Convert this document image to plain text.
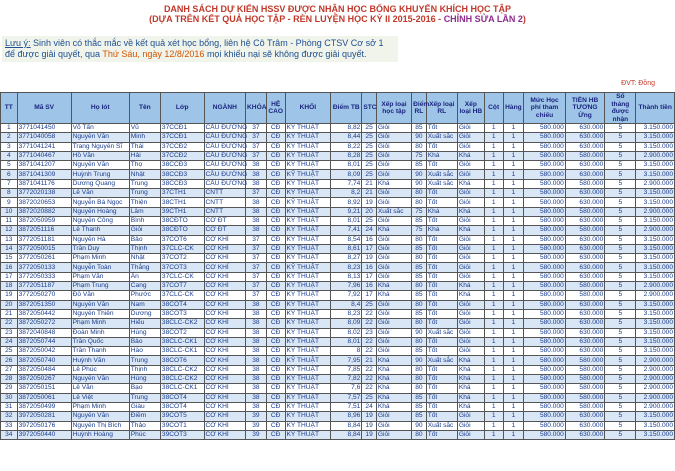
DANH SÁCH DỰ KIẾN HSSV ĐƯỢC NHẬN HỌC BỔNG KHUYẾN KHÍCH HỌC TẬP
(DỰA TRÊN KẾT QUẢ HỌC TẬP - RÈN LUYỆN HỌC KỲ II 2015-2016 - CHỈNH SỬA LẦN 2)
Lưu ý: Sinh viên có thắc mắc về kết quả xét học bổng, liên hệ Cô Trâm - Phòng CTSV Cơ sở 1 để được giải quyết, qua Thứ Sáu, ngày 12/8/2016 mọi khiếu nại sẽ không được giải quyết.
ĐVT: Đồng
TT	Mã SV	Họ lót	Tên	Lớp	NGÀNH	KHÓA	HỆ CAO	KHỐI	Điểm TB	STC	Xếp loại học tập	Điểm RL	Xếp loại RL	Xếp loại HB	Cột	Hàng	Mức Học phí tham chiếu	TIỀN HB TƯƠNG Ứng	Số tháng được nhận	Thành tiền
1	3771041450	Võ Tấn	Vũ	37CCĐ1	CẦU ĐƯỜNG	37	CĐ	KỸ THUẬT	8,82	25	Giỏi	85	Tốt	Giỏi	1	1	580.000	630.000	5	3.150.000
2	3771040058	Nguyễn Văn	Minh	37CCĐ1	CẦU ĐƯỜNG	37	CĐ	KỸ THUẬT	8,44	25	Giỏi	90	Xuất sắc	Giỏi	1	1	580.000	630.000	5	3.150.000
3	3771041241	Trang Nguyễn Sĩ	Thái	37CCĐ2	CẦU ĐƯỜNG	37	CĐ	KỸ THUẬT	8,22	25	Giỏi	80	Tốt	Giỏi	1	1	580.000	630.000	5	3.150.000
4	3771040467	Hồ Văn	Hải	37CCĐ2	CẦU ĐƯỜNG	37	CĐ	KỸ THUẬT	8,28	25	Giỏi	75	Khá	Khá	1	1	580.000	580.000	5	2.900.000
5	3871041207	Nguyễn Văn	Thọ	38CCĐ3	CẦU ĐƯỜNG	38	CĐ	KỸ THUẬT	8,01	25	Giỏi	85	Tốt	Giỏi	1	1	580.000	630.000	5	3.150.000
6	3871041309	Huỳnh Trung	Nhật	38CCĐ3	CẦU ĐƯỜNG	38	CĐ	KỸ THUẬT	8,09	25	Giỏi	90	Xuất sắc	Giỏi	1	1	580.000	630.000	5	3.150.000
7	3871041176	Dương Quang	Trung	38CCĐ3	CẦU ĐƯỜNG	38	CĐ	KỸ THUẬT	7,74	21	Khá	90	Xuất sắc	Khá	1	1	580.000	580.000	5	2.900.000
8	3772020138	Lê Văn	Trung	37CTH1	CNTT	37	CĐ	KỸ THUẬT	8,2	21	Giỏi	80	Tốt	Giỏi	1	1	580.000	630.000	5	3.150.000
9	3872020653	Nguyễn Bá Ngọc	Thiện	38CTH1	CNTT	38	CĐ	KỸ THUẬT	8,92	19	Giỏi	80	Tốt	Giỏi	1	1	580.000	630.000	5	3.150.000
10	3872020882	Nguyễn Hoàng	Lâm	39CTH1	CNTT	38	CĐ	KỸ THUẬT	9,21	20	Xuất sắc	75	Khá	Khá	1	1	580.000	580.000	5	2.900.000
11	3872050959	Nguyễn Công	Bình	38CĐTO	CƠ ĐT	38	CĐ	KỸ THUẬT	8,01	25	Giỏi	85	Tốt	Giỏi	1	1	580.000	630.000	5	3.150.000
12	3872051116	Lê Thanh	Giỏi	38CĐTO	CƠ ĐT	38	CĐ	KỸ THUẬT	7,41	24	Khá	75	Khá	Khá	1	1	580.000	580.000	5	2.900.000
13	3772051181	Nguyễn Hà	Bảo	37COT6	CƠ KHÍ	37	CĐ	KỸ THUẬT	8,54	16	Giỏi	80	Tốt	Giỏi	1	1	580.000	630.000	5	3.150.000
14	3772050015	Trần Duy	Thịnh	37CLC-CK	CƠ KHÍ	37	CĐ	KỸ THUẬT	8,61	17	Giỏi	85	Tốt	Giỏi	1	1	580.000	630.000	5	3.150.000
15	3772050261	Phạm Minh	Nhật	37COT2	CƠ KHÍ	37	CĐ	KỸ THUẬT	8,27	19	Giỏi	80	Tốt	Giỏi	1	1	580.000	630.000	5	3.150.000
16	3772050133	Nguyễn Toàn	Thắng	37COT3	CƠ KHÍ	37	CĐ	KỸ THUẬT	8,23	16	Giỏi	85	Tốt	Giỏi	1	1	580.000	630.000	5	3.150.000
17	3772050333	Phạm Văn	Ân	37CLC-CK	CƠ KHÍ	37	CĐ	KỸ THUẬT	8,13	17	Giỏi	85	Tốt	Giỏi	1	1	580.000	630.000	5	3.150.000
18	3772051187	Phạm Trung	Cang	37COT7	CƠ KHÍ	37	CĐ	KỸ THUẬT	7,96	16	Khá	80	Tốt	Khá	1	1	580.000	580.000	5	2.900.000
19	3772050270	Đỗ Văn	Phước	37CLC-CK	CƠ KHÍ	37	CĐ	KỸ THUẬT	7,92	17	Khá	85	Tốt	Khá	1	1	580.000	580.000	5	2.900.000
20	3872051350	Nguyễn Văn	Nam	38COT4	CƠ KHÍ	38	CĐ	KỸ THUẬT	8,4	25	Giỏi	80	Tốt	Giỏi	1	1	580.000	630.000	5	3.150.000
21	3872050442	Nguyễn Thiên	Dương	38COT3	CƠ KHÍ	38	CĐ	KỸ THUẬT	8,23	22	Giỏi	85	Tốt	Giỏi	1	1	580.000	630.000	5	3.150.000
22	3872050272	Phạm Minh	Hiếu	38CLC-CK2	CƠ KHÍ	38	CĐ	KỸ THUẬT	8,09	22	Giỏi	80	Tốt	Giỏi	1	1	580.000	630.000	5	3.150.000
23	3872040848	Đoàn Minh	Hùng	38COT2	CƠ KHÍ	38	CĐ	KỸ THUẬT	8,02	23	Giỏi	90	Xuất sắc	Giỏi	1	1	580.000	630.000	5	3.150.000
24	3872050744	Trần Quốc	Bảo	38CLC-CK1	CƠ KHÍ	38	CĐ	KỸ THUẬT	8,01	22	Giỏi	80	Tốt	Giỏi	1	1	580.000	630.000	5	3.150.000
25	3872050042	Trần Thanh	Hào	38CLC-CK1	CƠ KHÍ	38	CĐ	KỸ THUẬT	8	22	Giỏi	85	Tốt	Giỏi	1	1	580.000	630.000	5	3.150.000
26	3872050740	Huỳnh Văn	Trung	38COT6	CƠ KHÍ	38	CĐ	KỸ THUẬT	7,95	21	Khá	90	Xuất sắc	Khá	1	1	580.000	580.000	5	2.900.000
27	3872050484	Lê Phúc	Thịnh	38CLC-CK2	CƠ KHÍ	38	CĐ	KỸ THUẬT	7,85	22	Khá	80	Tốt	Khá	1	1	580.000	580.000	5	2.900.000
28	3872050267	Nguyễn Văn	Hùng	38CLC-CK2	CƠ KHÍ	38	CĐ	KỸ THUẬT	7,82	22	Khá	80	Tốt	Khá	1	1	580.000	580.000	5	2.900.000
29	3872050151	Lê Văn	Bạo	38CLC-CK1	CƠ KHÍ	38	CĐ	KỸ THUẬT	7,6	22	Khá	80	Tốt	Khá	1	1	580.000	580.000	5	2.900.000
30	3872050061	Lê Việt	Trung	38COT4	CƠ KHÍ	38	CĐ	KỸ THUẬT	7,57	25	Khá	85	Tốt	Khá	1	1	580.000	580.000	5	2.900.000
31	3872050499	Phạm Minh	Giàu	38COT4	CƠ KHÍ	38	CĐ	KỸ THUẬT	7,51	24	Khá	85	Tốt	Khá	1	1	580.000	580.000	5	2.900.000
32	3972050281	Nguyễn Văn	Điềm	39COT5	CƠ KHÍ	39	CĐ	KỸ THUẬT	8,96	19	Giỏi	85	Tốt	Giỏi	1	1	580.000	630.000	5	3.150.000
33	3972050176	Nguyễn Thị Bích	Thảo	39COT1	CƠ KHÍ	39	CĐ	KỸ THUẬT	8,84	19	Giỏi	90	Xuất sắc	Giỏi	1	1	580.000	630.000	5	3.150.000
34	3972050440	Huỳnh Hoàng	Phúc	39COT3	CƠ KHÍ	39	CĐ	KỸ THUẬT	8,84	19	Giỏi	80	Tốt	Giỏi	1	1	580.000	630.000	5	3.150.000
